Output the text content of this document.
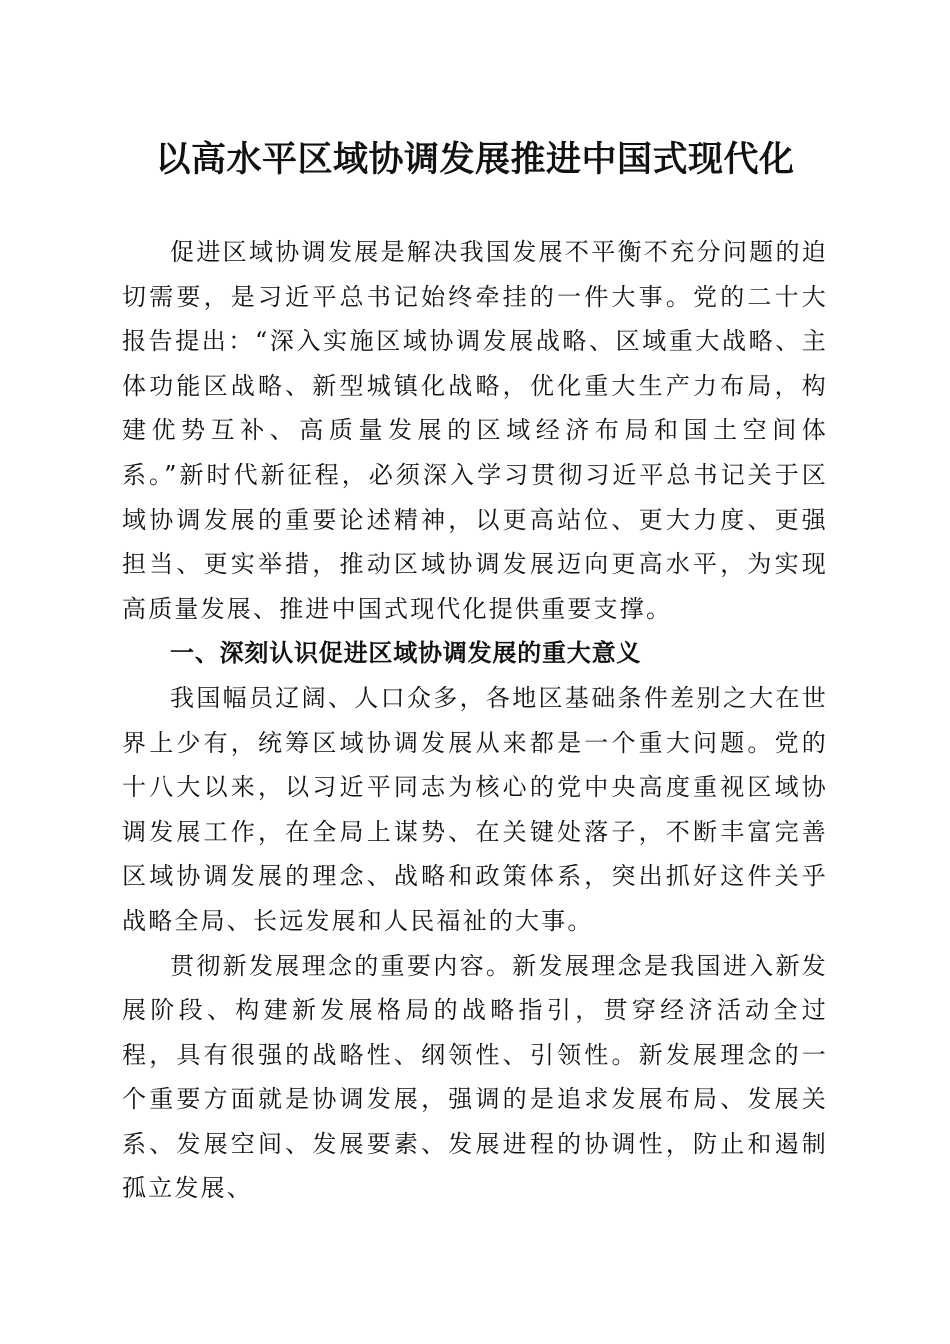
以高水平区域协调发展推进中国式现代化

促进区域协调发展是解决我国发展不平衡不充分问题的迫切需要，是习近平总书记始终牵挂的一件大事。党的二十大报告提出：“深入实施区域协调发展战略、区域重大战略、主体功能区战略、新型城镇化战略，优化重大生产力布局，构建优势互补、高质量发展的区域经济布局和国土空间体系。”新时代新征程，必须深入学习贯彻习近平总书记关于区域协调发展的重要论述精神，以更高站位、更大力度、更强担当、更实举措，推动区域协调发展迈向更高水平，为实现高质量发展、推进中国式现代化提供重要支撑。

一、深刻认识促进区域协调发展的重大意义

我国幅员辽阔、人口众多，各地区基础条件差别之大在世界上少有，统筹区域协调发展从来都是一个重大问题。党的十八大以来，以习近平同志为核心的党中央高度重视区域协调发展工作，在全局上谋势、在关键处落子，不断丰富完善区域协调发展的理念、战略和政策体系，突出抓好这件关乎战略全局、长远发展和人民福祉的大事。

贯彻新发展理念的重要内容。新发展理念是我国进入新发展阶段、构建新发展格局的战略指引，贯穿经济活动全过程，具有很强的战略性、纲领性、引领性。新发展理念的一个重要方面就是协调发展，强调的是追求发展布局、发展关系、发展空间、发展要素、发展进程的协调性，防止和遏制孤立发展、
